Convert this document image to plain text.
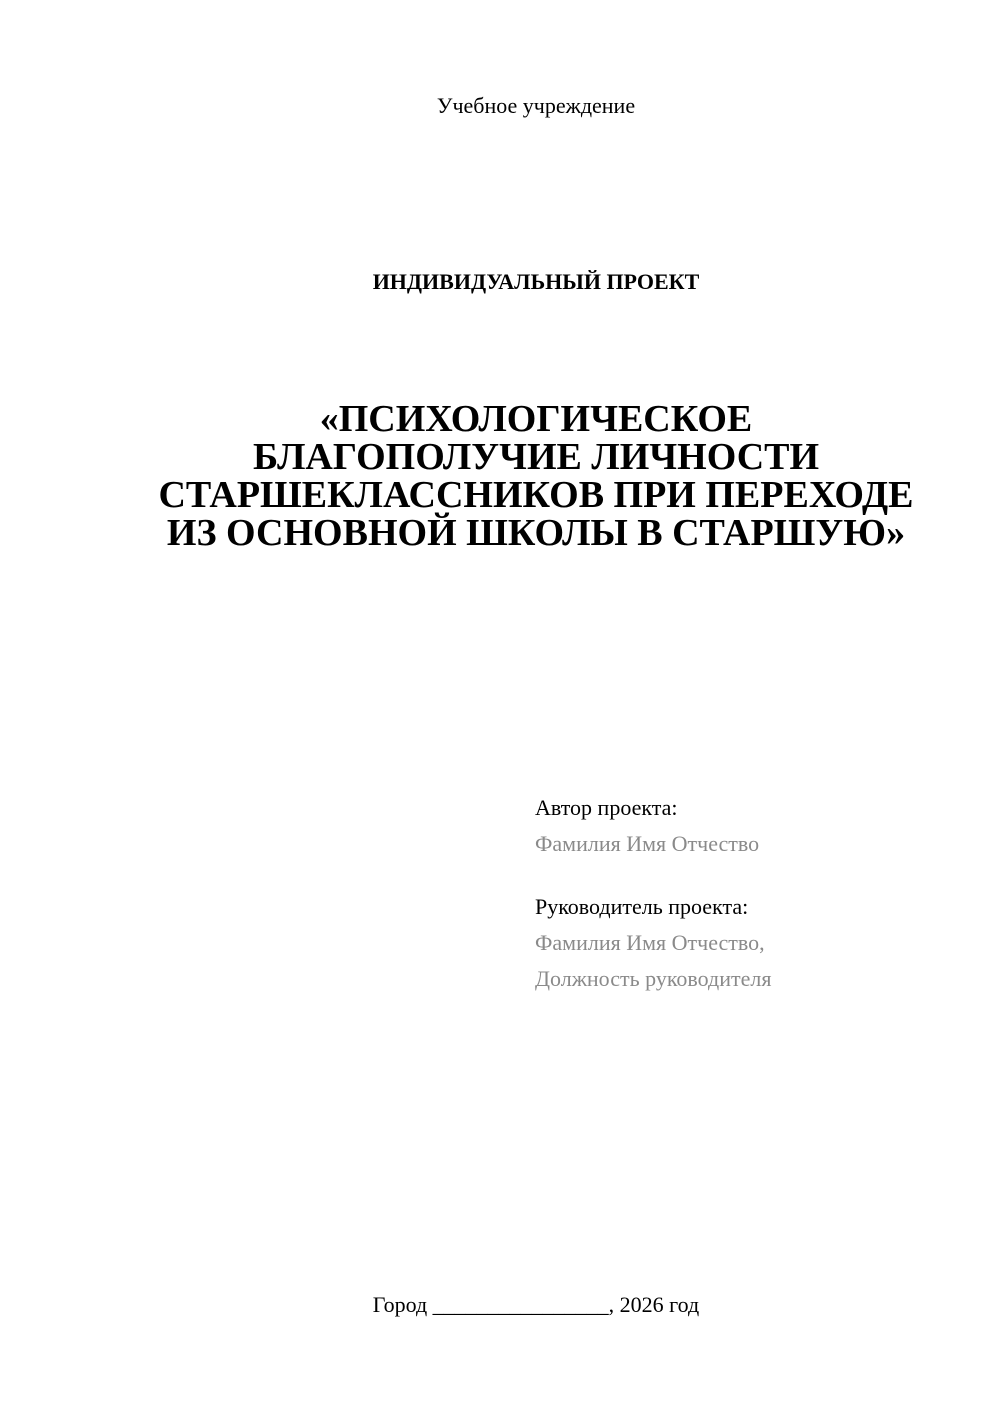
Учебное учреждение
ИНДИВИДУАЛЬНЫЙ ПРОЕКТ
«ПСИХОЛОГИЧЕСКОЕ
БЛАГОПОЛУЧИЕ ЛИЧНОСТИ
СТАРШЕКЛАССНИКОВ ПРИ ПЕРЕХОДЕ
ИЗ ОСНОВНОЙ ШКОЛЫ В СТАРШУЮ»
Автор проекта:
Фамилия Имя Отчество
Руководитель проекта:
Фамилия Имя Отчество,
Должность руководителя
Город ________________, 2026 год
